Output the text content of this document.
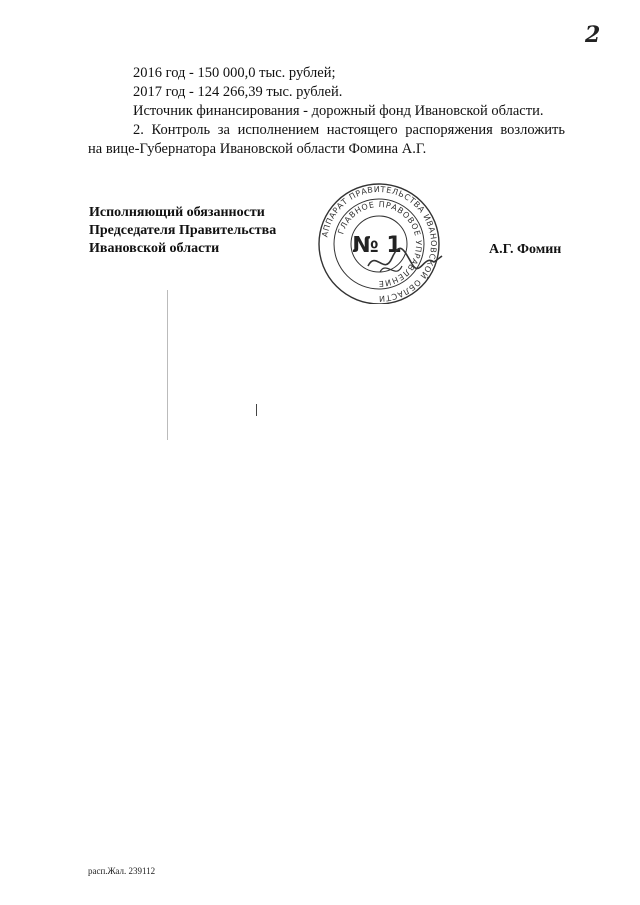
2
2016 год - 150 000,0 тыс. рублей;
2017 год - 124 266,39 тыс. рублей.
Источник финансирования - дорожный фонд Ивановской области.
2. Контроль за исполнением настоящего распоряжения возложить
на вице-Губернатора Ивановской области Фомина А.Г.
Исполняющий обязанности
Председателя Правительства
Ивановской области
АППАРАТ ПРАВИТЕЛЬСТВА ИВАНОВСКОЙ ОБЛАСТИ
ГЛАВНОЕ ПРАВОВОЕ УПРАВЛЕНИЕ
№ 1	А.Г. Фомин
расп.Жал. 239112
